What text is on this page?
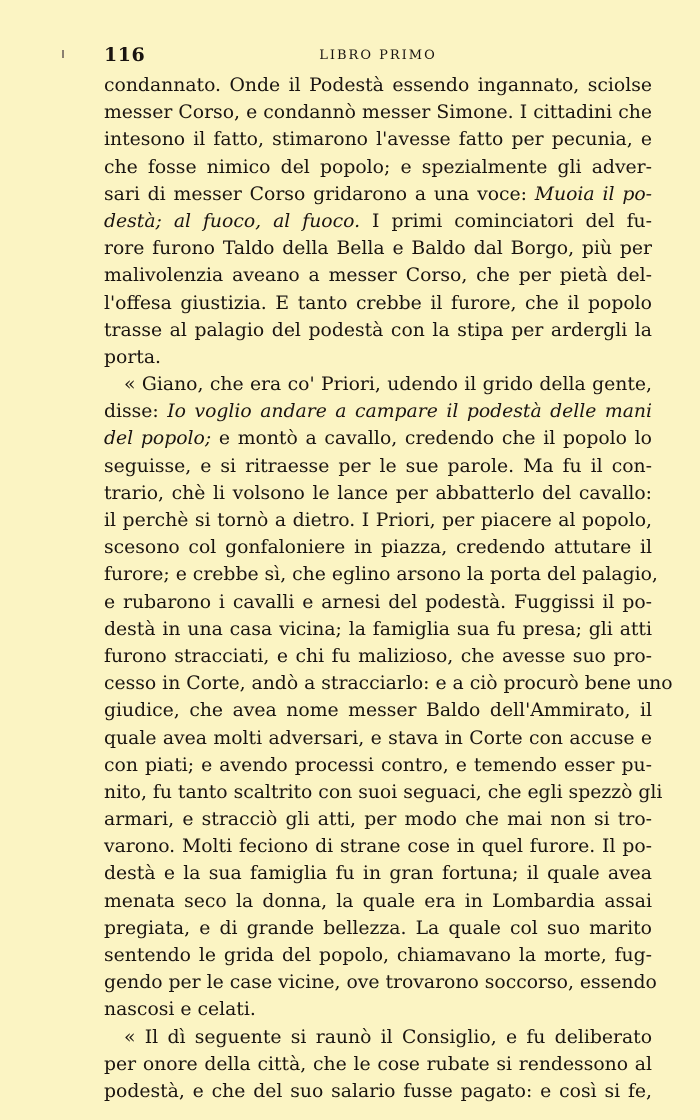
116	LIBRO PRIMO
condannato. Onde il Podestà essendo ingannato, sciolse
messer Corso, e condannò messer Simone. I cittadini che
intesono il fatto, stimarono l'avesse fatto per pecunia, e
che fosse nimico del popolo; e spezialmente gli adver-
sari di messer Corso gridarono a una voce: Muoia il po-
destà; al fuoco, al fuoco. I primi cominciatori del fu-
rore furono Taldo della Bella e Baldo dal Borgo, più per
malivolenzia aveano a messer Corso, che per pietà del-
l'offesa giustizia. E tanto crebbe il furore, che il popolo
trasse al palagio del podestà con la stipa per ardergli la
porta.
« Giano, che era co' Priori, udendo il grido della gente,
disse: Io voglio andare a campare il podestà delle mani
del popolo; e montò a cavallo, credendo che il popolo lo
seguisse, e si ritraesse per le sue parole. Ma fu il con-
trario, chè li volsono le lance per abbatterlo del cavallo:
il perchè si tornò a dietro. I Priori, per piacere al popolo,
scesono col gonfaloniere in piazza, credendo attutare il
furore; e crebbe sì, che eglino arsono la porta del palagio,
e rubarono i cavalli e arnesi del podestà. Fuggissi il po-
destà in una casa vicina; la famiglia sua fu presa; gli atti
furono stracciati, e chi fu malizioso, che avesse suo pro-
cesso in Corte, andò a stracciarlo: e a ciò procurò bene uno
giudice, che avea nome messer Baldo dell'Ammirato, il
quale avea molti adversari, e stava in Corte con accuse e
con piati; e avendo processi contro, e temendo esser pu-
nito, fu tanto scaltrito con suoi seguaci, che egli spezzò gli
armari, e stracciò gli atti, per modo che mai non si tro-
varono. Molti feciono di strane cose in quel furore. Il po-
destà e la sua famiglia fu in gran fortuna; il quale avea
menata seco la donna, la quale era in Lombardia assai
pregiata, e di grande bellezza. La quale col suo marito
sentendo le grida del popolo, chiamavano la morte, fug-
gendo per le case vicine, ove trovarono soccorso, essendo
nascosi e celati.
« Il dì seguente si raunò il Consiglio, e fu deliberato
per onore della città, che le cose rubate si rendessono al
podestà, e che del suo salario fusse pagato: e così si fe,
